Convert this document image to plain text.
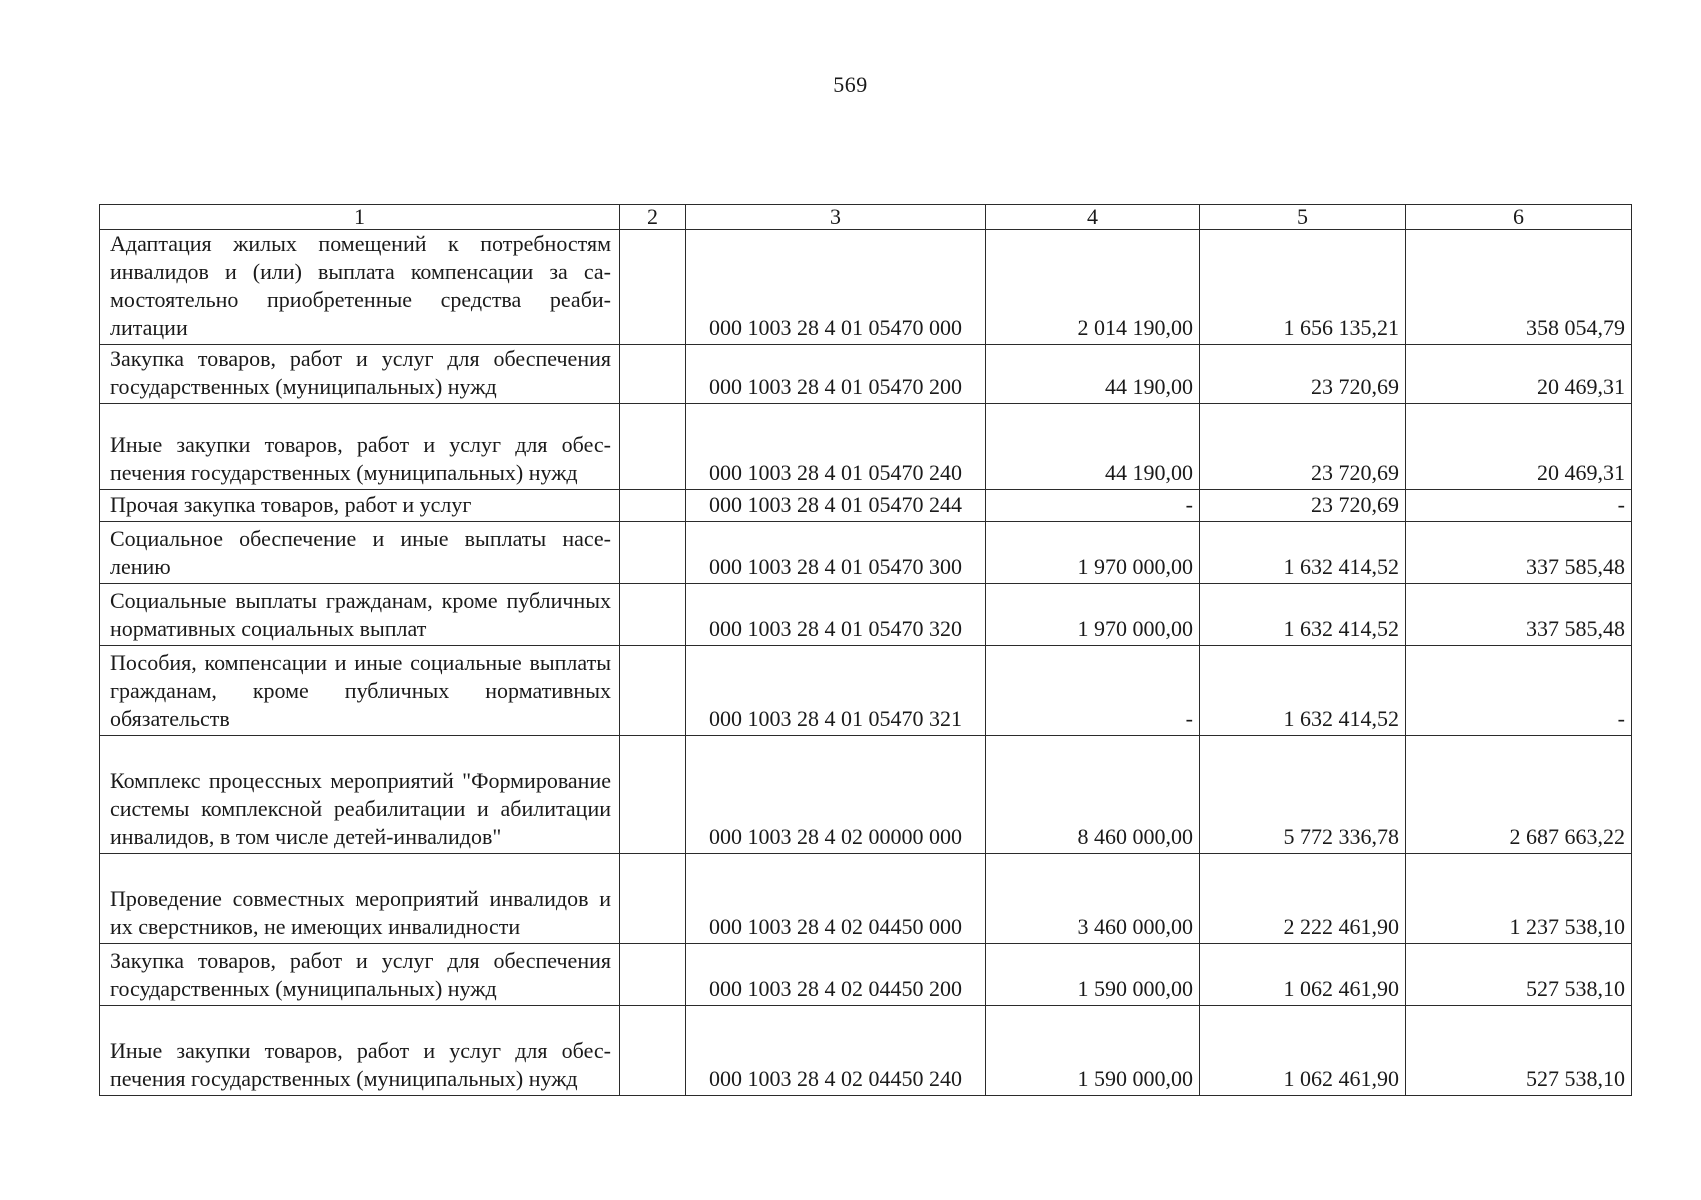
569
1	2	3	4	5	6
Адаптация жилых помещений к потребностям инвалидов и (или) выплата компенсации за самостоятельно приобретенные средства реабилитации		000 1003 28 4 01 05470 000	2 014 190,00	1 656 135,21	358 054,79
Закупка товаров, работ и услуг для обеспечения государственных (муниципальных) нужд		000 1003 28 4 01 05470 200	44 190,00	23 720,69	20 469,31
Иные закупки товаров, работ и услуг для обеспечения государственных (муниципальных) нужд		000 1003 28 4 01 05470 240	44 190,00	23 720,69	20 469,31
Прочая закупка товаров, работ и услуг		000 1003 28 4 01 05470 244	-	23 720,69	-
Социальное обеспечение и иные выплаты населению		000 1003 28 4 01 05470 300	1 970 000,00	1 632 414,52	337 585,48
Социальные выплаты гражданам, кроме публичных нормативных социальных выплат		000 1003 28 4 01 05470 320	1 970 000,00	1 632 414,52	337 585,48
Пособия, компенсации и иные социальные выплаты гражданам, кроме публичных нормативных обязательств		000 1003 28 4 01 05470 321	-	1 632 414,52	-
Комплекс процессных мероприятий "Формирование системы комплексной реабилитации и абилитации инвалидов, в том числе детей-инвалидов"		000 1003 28 4 02 00000 000	8 460 000,00	5 772 336,78	2 687 663,22
Проведение совместных мероприятий инвалидов и их сверстников, не имеющих инвалидности		000 1003 28 4 02 04450 000	3 460 000,00	2 222 461,90	1 237 538,10
Закупка товаров, работ и услуг для обеспечения государственных (муниципальных) нужд		000 1003 28 4 02 04450 200	1 590 000,00	1 062 461,90	527 538,10
Иные закупки товаров, работ и услуг для обеспечения государственных (муниципальных) нужд		000 1003 28 4 02 04450 240	1 590 000,00	1 062 461,90	527 538,10
